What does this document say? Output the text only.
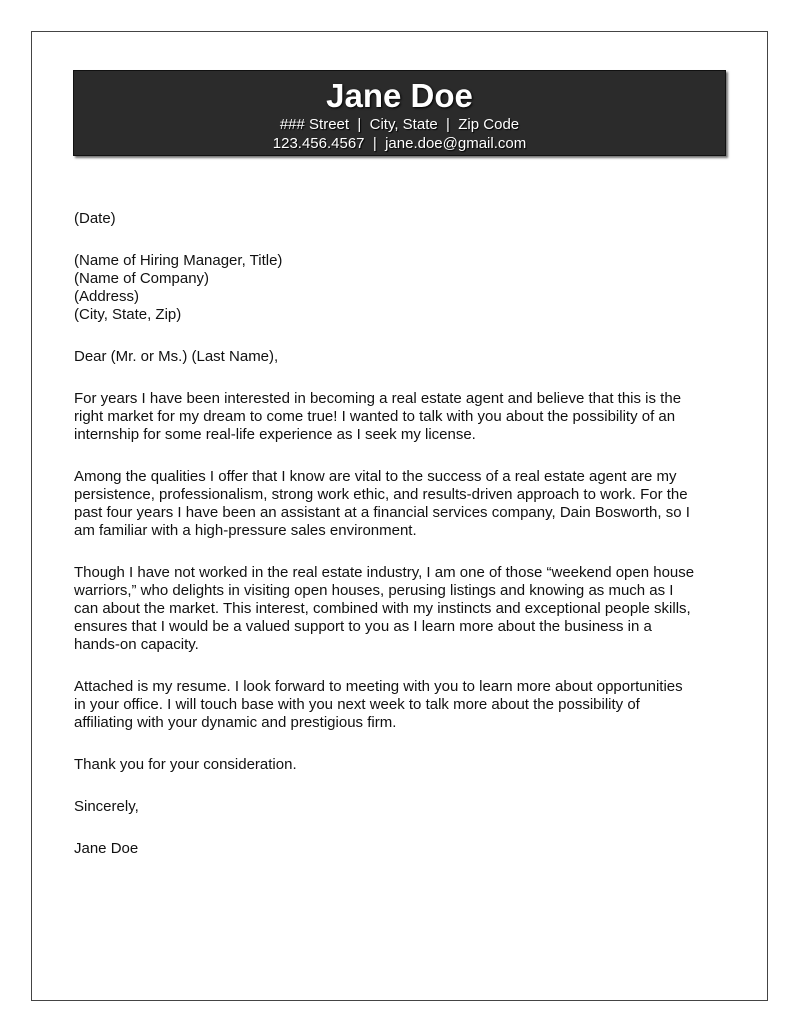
Jane Doe
### Street  |  City, State  |  Zip Code
123.456.4567  |  jane.doe@gmail.com
(Date)
(Name of Hiring Manager, Title)
(Name of Company)
(Address)
(City, State, Zip)
Dear (Mr. or Ms.) (Last Name),
For years I have been interested in becoming a real estate agent and believe that this is the
right market for my dream to come true! I wanted to talk with you about the possibility of an
internship for some real-life experience as I seek my license.
Among the qualities I offer that I know are vital to the success of a real estate agent are my
persistence, professionalism, strong work ethic, and results-driven approach to work. For the
past four years I have been an assistant at a financial services company, Dain Bosworth, so I
am familiar with a high-pressure sales environment.
Though I have not worked in the real estate industry, I am one of those “weekend open house
warriors,” who delights in visiting open houses, perusing listings and knowing as much as I
can about the market. This interest, combined with my instincts and exceptional people skills,
ensures that I would be a valued support to you as I learn more about the business in a
hands-on capacity.
Attached is my resume. I look forward to meeting with you to learn more about opportunities
in your office. I will touch base with you next week to talk more about the possibility of
affiliating with your dynamic and prestigious firm.
Thank you for your consideration.
Sincerely,
Jane Doe
